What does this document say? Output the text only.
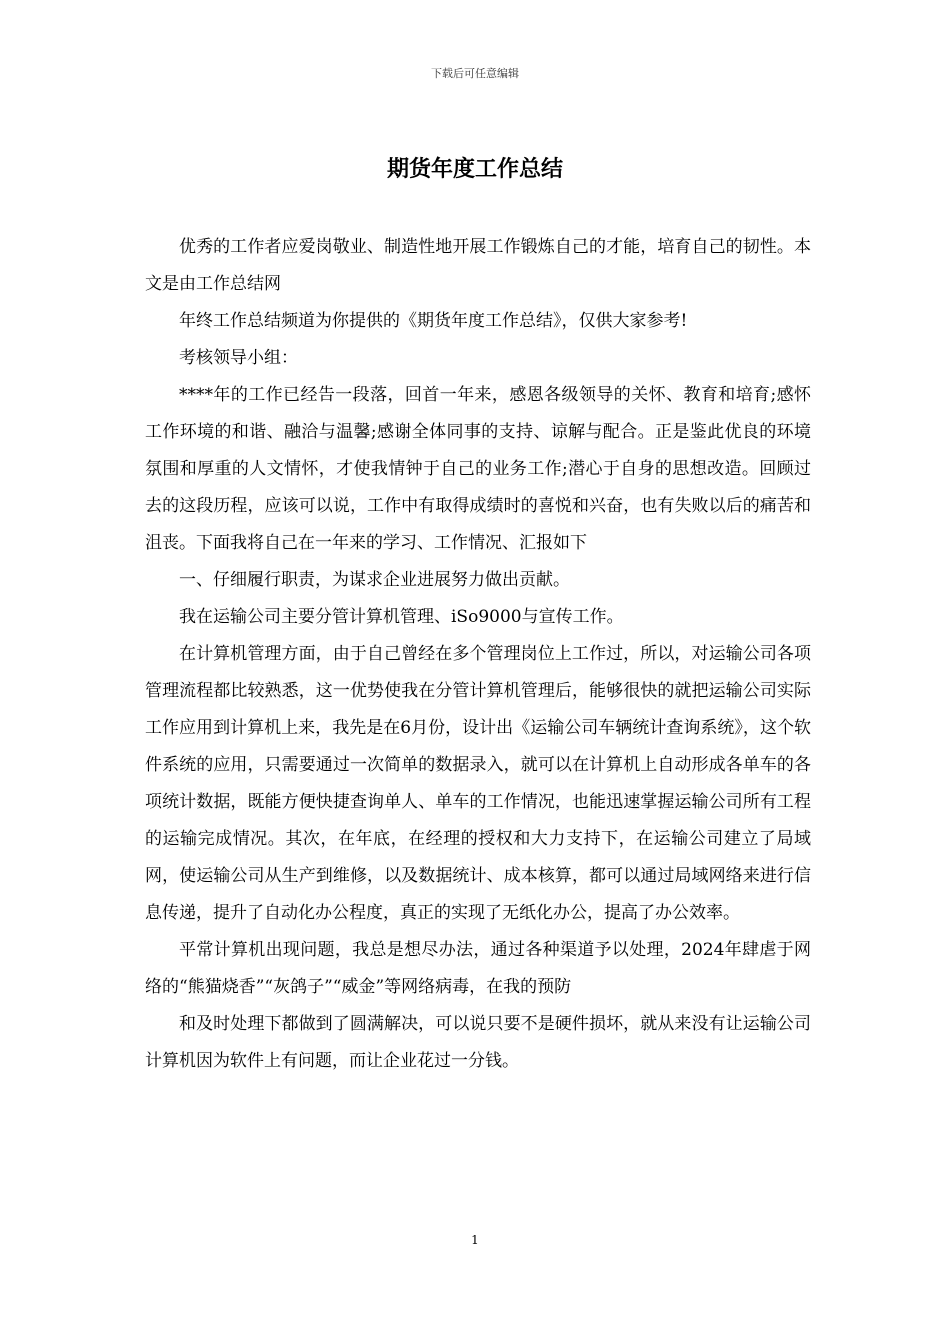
下载后可任意编辑
期货年度工作总结

优秀的工作者应爱岗敬业、制造性地开展工作锻炼自己的才能，培育自己的韧性。本文是由工作总结网

年终工作总结频道为你提供的《期货年度工作总结》，仅供大家参考!

考核领导小组：

****年的工作已经告一段落，回首一年来，感恩各级领导的关怀、教育和培育;感怀工作环境的和谐、融洽与温馨;感谢全体同事的支持、谅解与配合。正是鉴此优良的环境氛围和厚重的人文情怀，才使我情钟于自己的业务工作;潜心于自身的思想改造。回顾过去的这段历程，应该可以说，工作中有取得成绩时的喜悦和兴奋，也有失败以后的痛苦和沮丧。下面我将自己在一年来的学习、工作情况、汇报如下

一、仔细履行职责，为谋求企业进展努力做出贡献。

我在运输公司主要分管计算机管理、iSo9000与宣传工作。

在计算机管理方面，由于自己曾经在多个管理岗位上工作过，所以，对运输公司各项管理流程都比较熟悉，这一优势使我在分管计算机管理后，能够很快的就把运输公司实际工作应用到计算机上来，我先是在6月份，设计出《运输公司车辆统计查询系统》，这个软件系统的应用，只需要通过一次简单的数据录入，就可以在计算机上自动形成各单车的各项统计数据，既能方便快捷查询单人、单车的工作情况，也能迅速掌握运输公司所有工程的运输完成情况。其次，在年底，在经理的授权和大力支持下，在运输公司建立了局域网，使运输公司从生产到维修，以及数据统计、成本核算，都可以通过局域网络来进行信息传递，提升了自动化办公程度，真正的实现了无纸化办公，提高了办公效率。

平常计算机出现问题，我总是想尽办法，通过各种渠道予以处理，2024年肆虐于网络的“熊猫烧香”“灰鸽子”“威金”等网络病毒，在我的预防

和及时处理下都做到了圆满解决，可以说只要不是硬件损坏，就从来没有让运输公司计算机因为软件上有问题，而让企业花过一分钱。

1
